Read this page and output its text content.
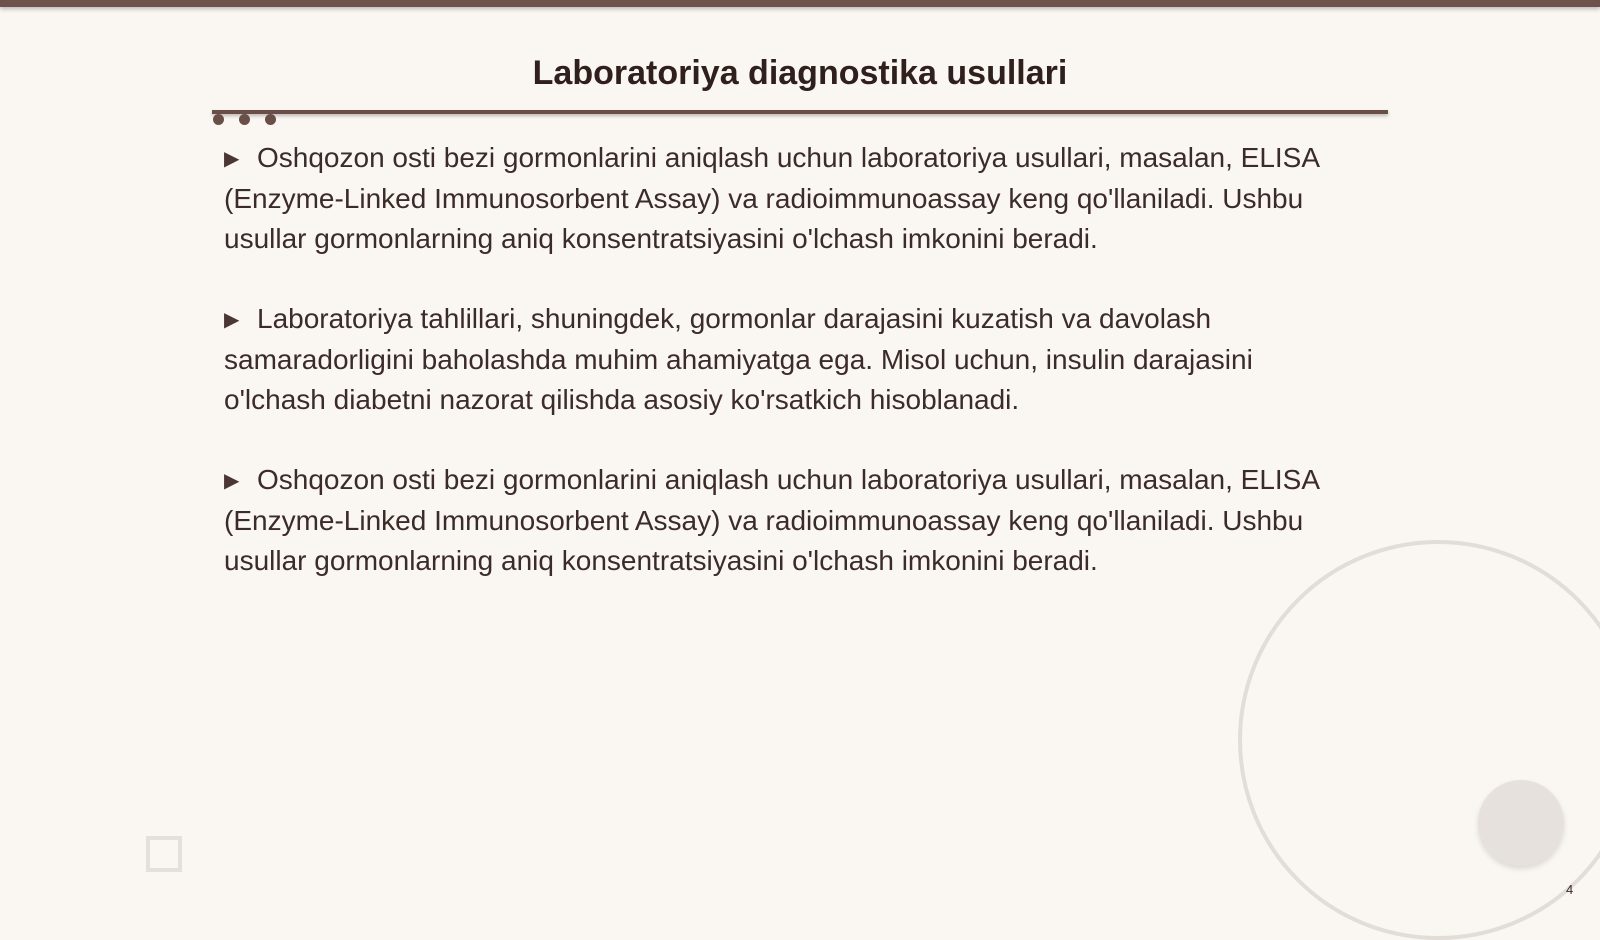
Laboratoriya diagnostika usullari

▶ Oshqozon osti bezi gormonlarini aniqlash uchun laboratoriya usullari, masalan, ELISA (Enzyme-Linked Immunosorbent Assay) va radioimmunoassay keng qo'llaniladi. Ushbu usullar gormonlarning aniq konsentratsiyasini o'lchash imkonini beradi.

▶ Laboratoriya tahlillari, shuningdek, gormonlar darajasini kuzatish va davolash samaradorligini baholashda muhim ahamiyatga ega. Misol uchun, insulin darajasini o'lchash diabetni nazorat qilishda asosiy ko'rsatkich hisoblanadi.

▶ Oshqozon osti bezi gormonlarini aniqlash uchun laboratoriya usullari, masalan, ELISA (Enzyme-Linked Immunosorbent Assay) va radioimmunoassay keng qo'llaniladi. Ushbu usullar gormonlarning aniq konsentratsiyasini o'lchash imkonini beradi.

4
